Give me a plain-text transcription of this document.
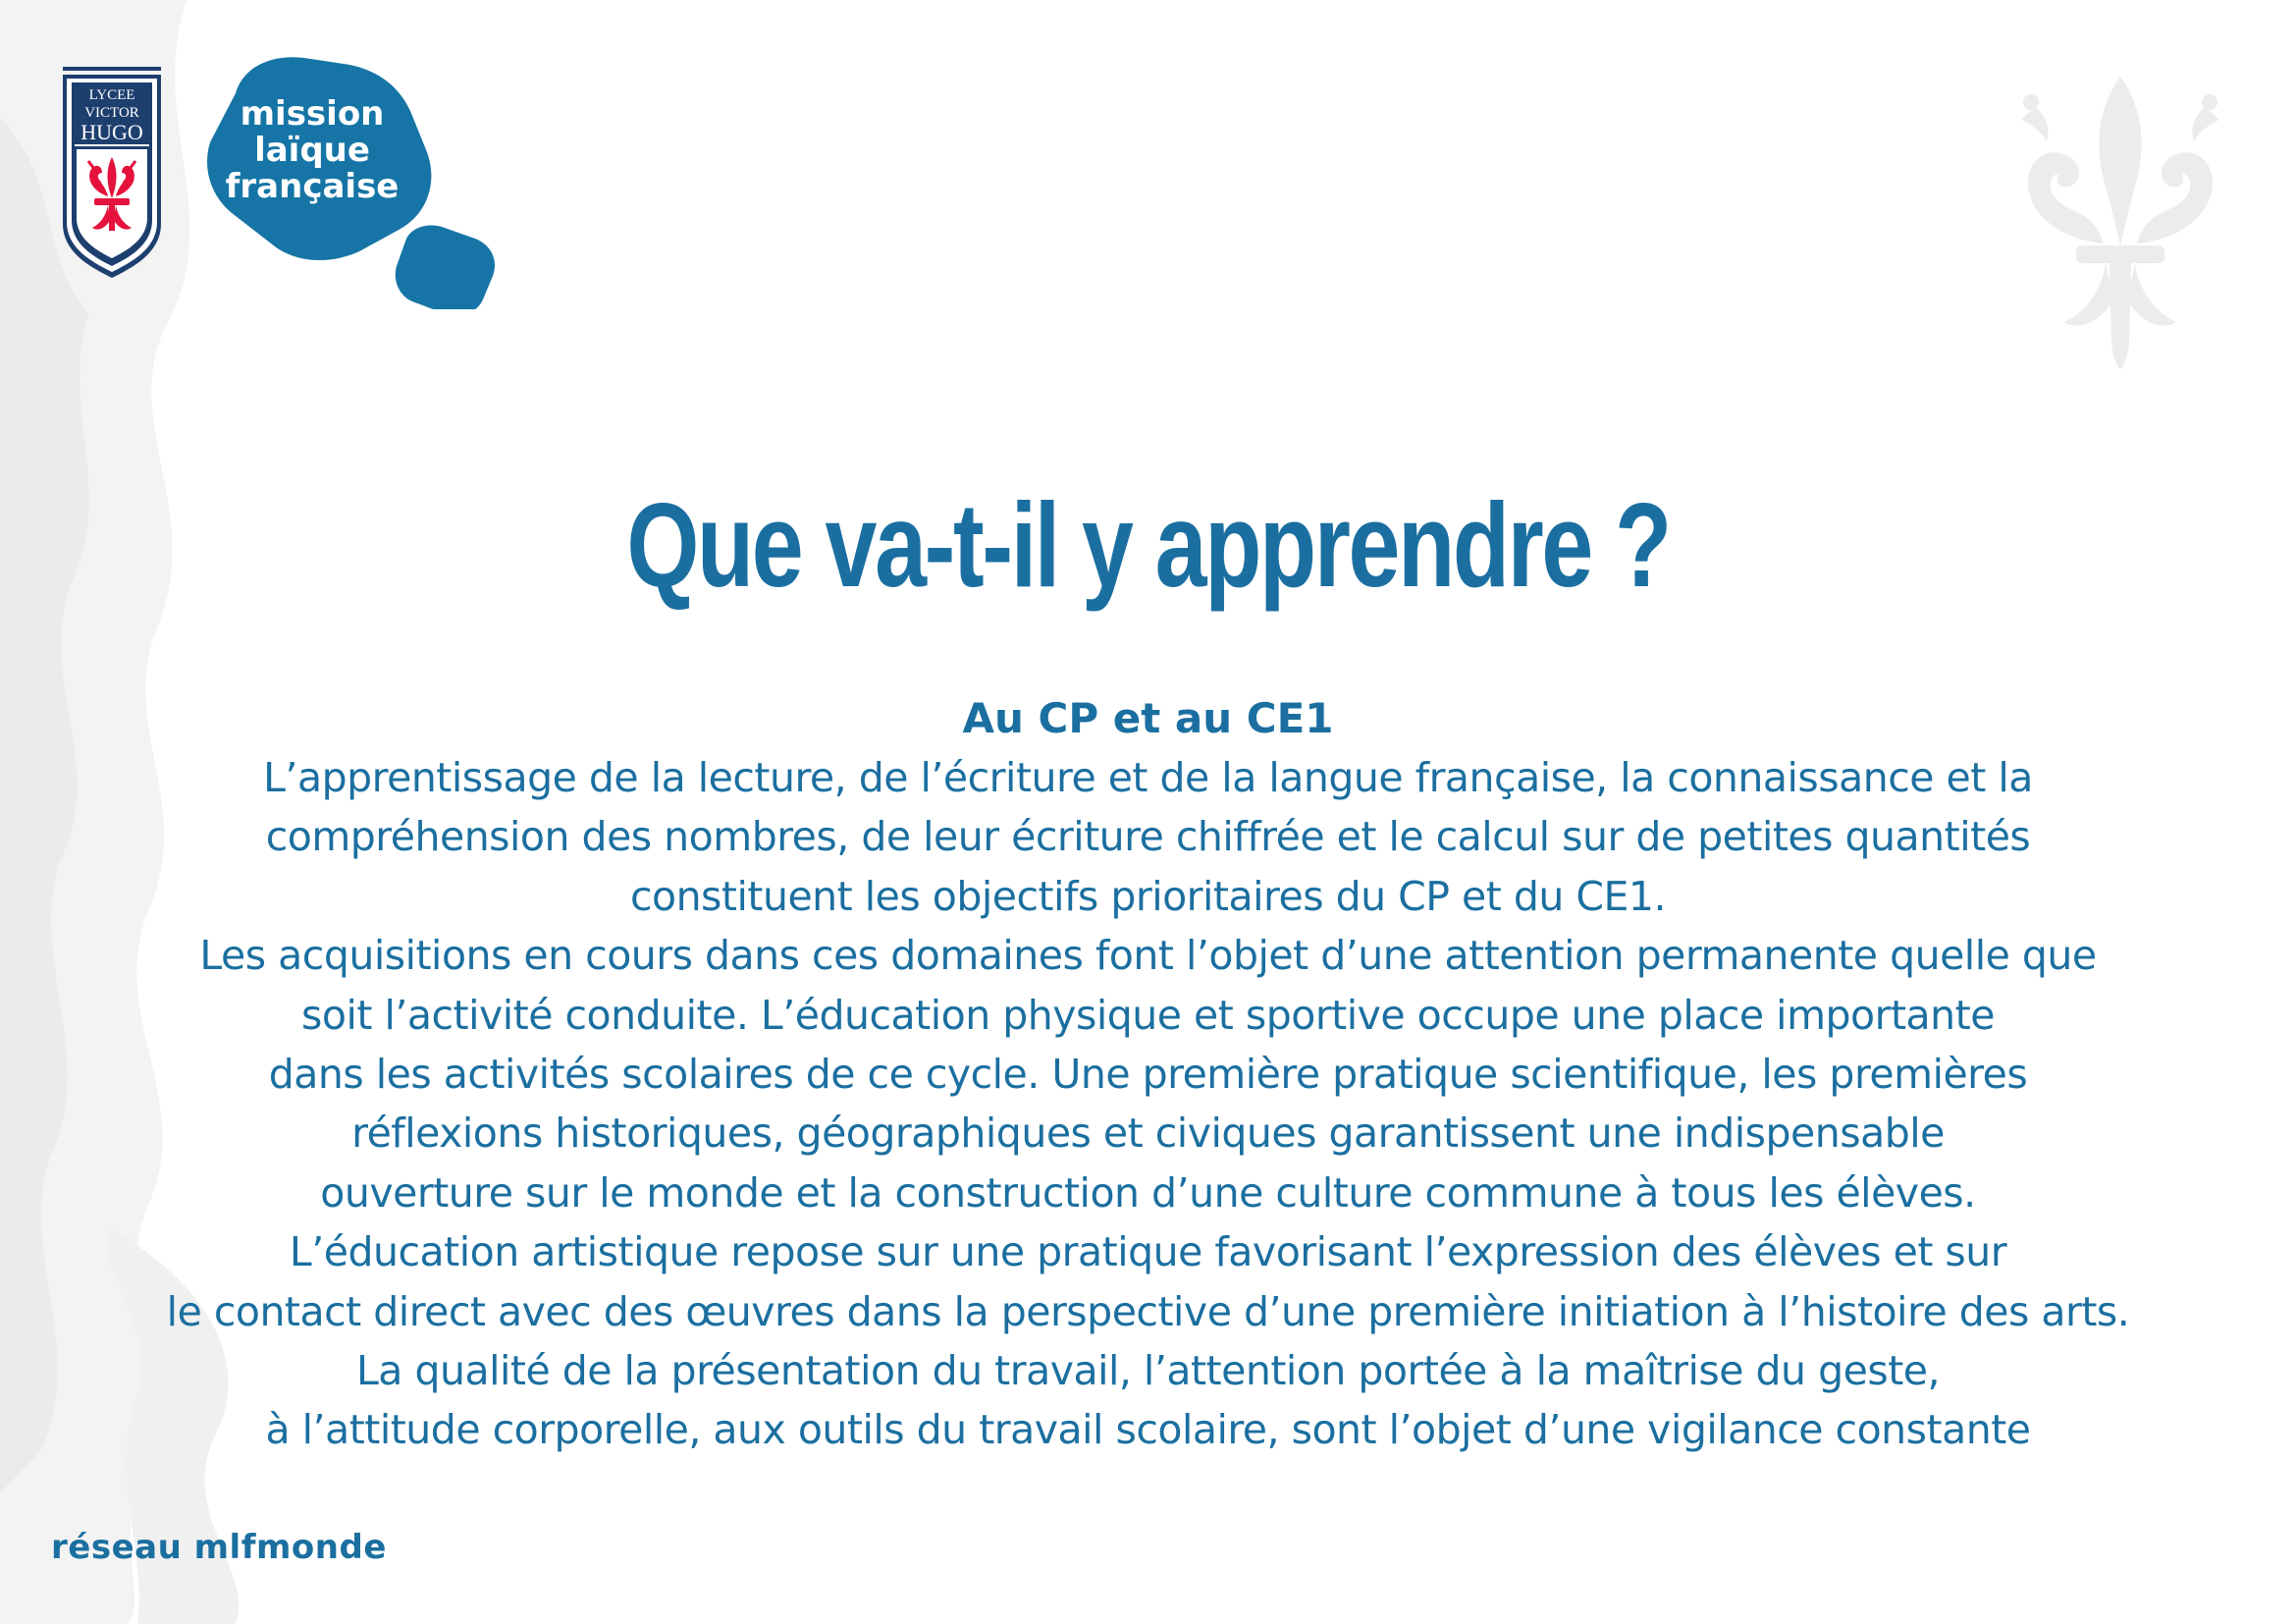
LYCEE
VICTOR
HUGO	mission
laïque
française
Que va-t-il y apprendre ?
Au CP et au CE1
L’apprentissage de la lecture, de l’écriture et de la langue française, la connaissance et la
compréhension des nombres, de leur écriture chiffrée et le calcul sur de petites quantités
constituent les objectifs prioritaires du CP et du CE1.
Les acquisitions en cours dans ces domaines font l’objet d’une attention permanente quelle que
soit l’activité conduite. L’éducation physique et sportive occupe une place importante
dans les activités scolaires de ce cycle. Une première pratique scientifique, les premières
réflexions historiques, géographiques et civiques garantissent une indispensable
ouverture sur le monde et la construction d’une culture commune à tous les élèves.
L’éducation artistique repose sur une pratique favorisant l’expression des élèves et sur
le contact direct avec des œuvres dans la perspective d’une première initiation à l’histoire des arts.
La qualité de la présentation du travail, l’attention portée à la maîtrise du geste,
à l’attitude corporelle, aux outils du travail scolaire, sont l’objet d’une vigilance constante
réseau mlfmonde
